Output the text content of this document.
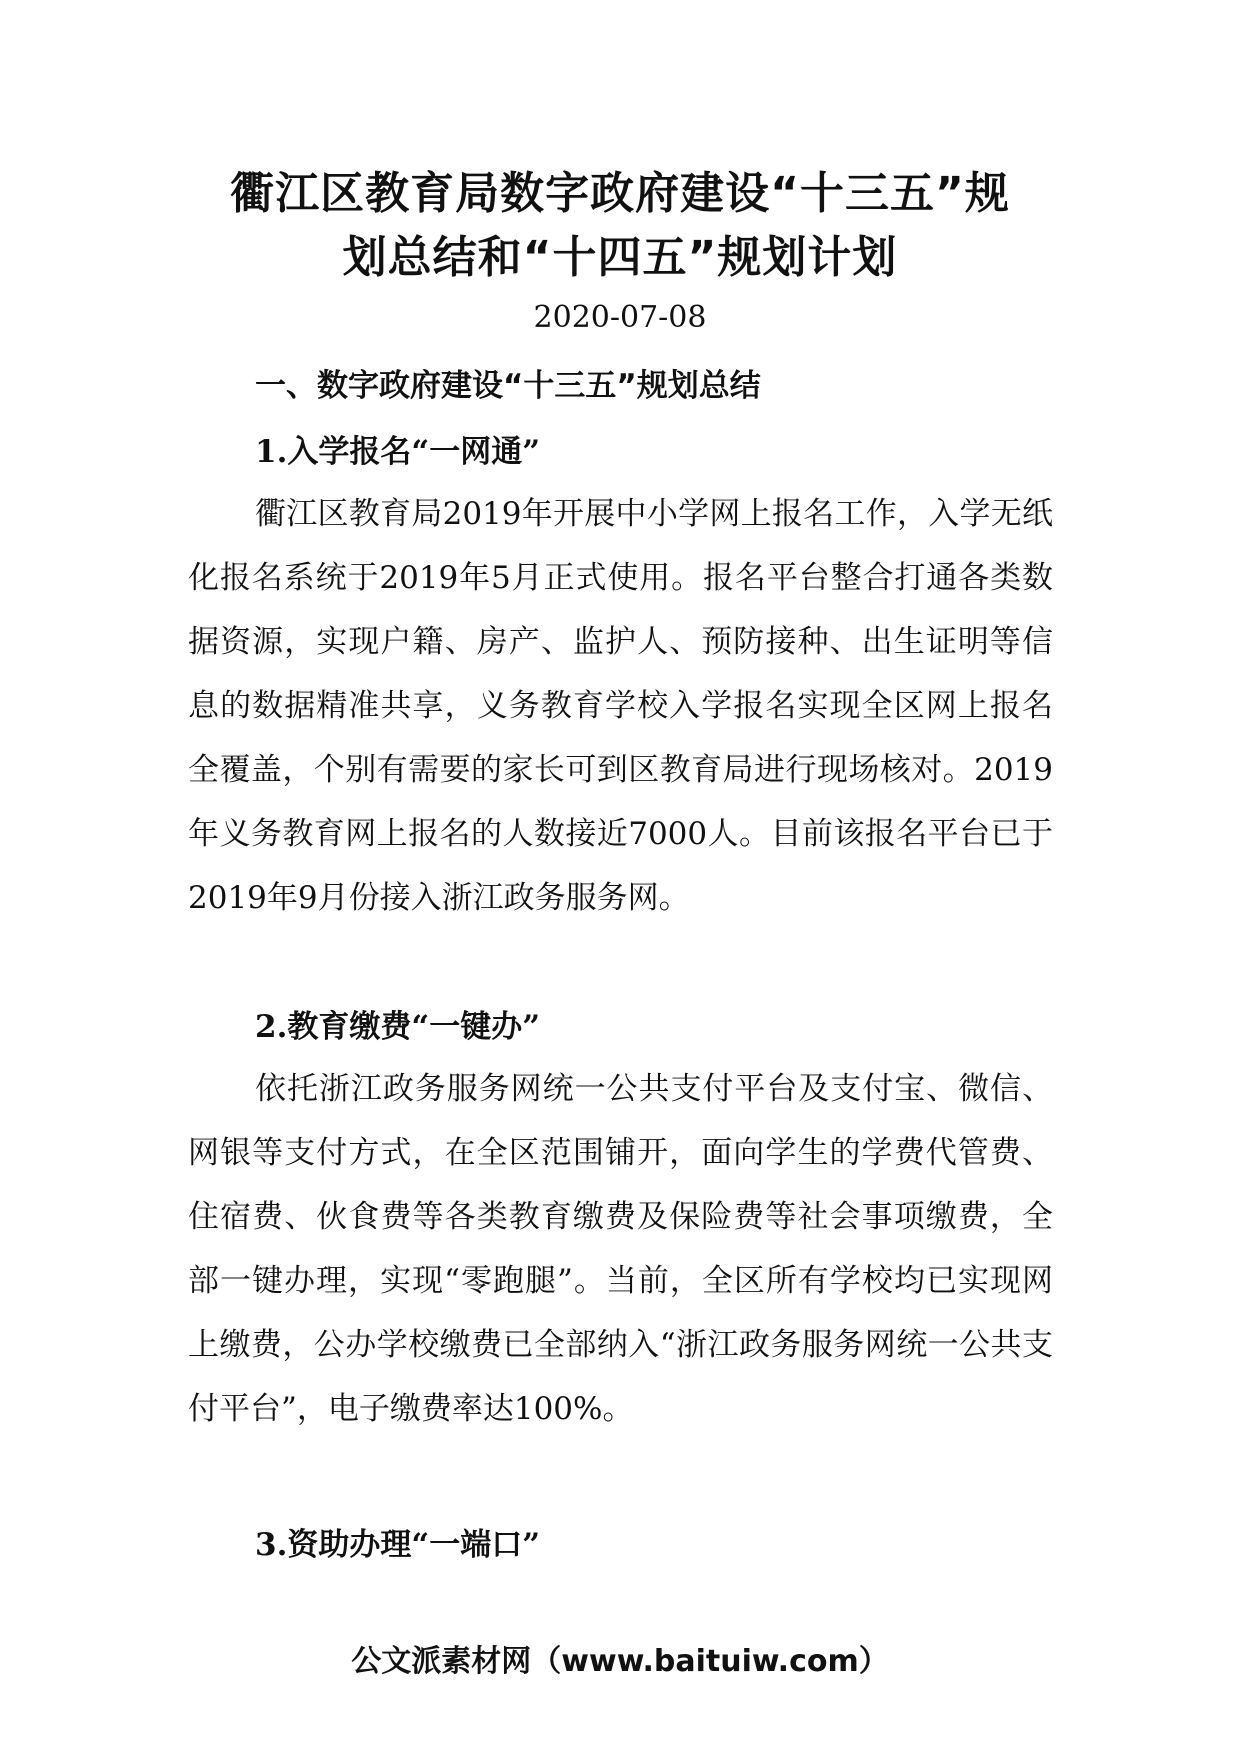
衢江区教育局数字政府建设“十三五”规
划总结和“十四五”规划计划
2020-07-08
一、数字政府建设“十三五”规划总结
1.入学报名“一网通”

衢江区教育局2019年开展中小学网上报名工作，入学无纸化报名系统于2019年5月正式使用。报名平台整合打通各类数据资源，实现户籍、房产、监护人、预防接种、出生证明等信息的数据精准共享，义务教育学校入学报名实现全区网上报名全覆盖，个别有需要的家长可到区教育局进行现场核对。2019年义务教育网上报名的人数接近7000人。目前该报名平台已于2019年9月份接入浙江政务服务网。

2.教育缴费“一键办”

依托浙江政务服务网统一公共支付平台及支付宝、微信、网银等支付方式，在全区范围铺开，面向学生的学费代管费、住宿费、伙食费等各类教育缴费及保险费等社会事项缴费，全部一键办理，实现“零跑腿”。当前，全区所有学校均已实现网上缴费，公办学校缴费已全部纳入“浙江政务服务网统一公共支付平台”，电子缴费率达100%。

3.资助办理“一端口”
公文派素材网（www.baituiw.com）
